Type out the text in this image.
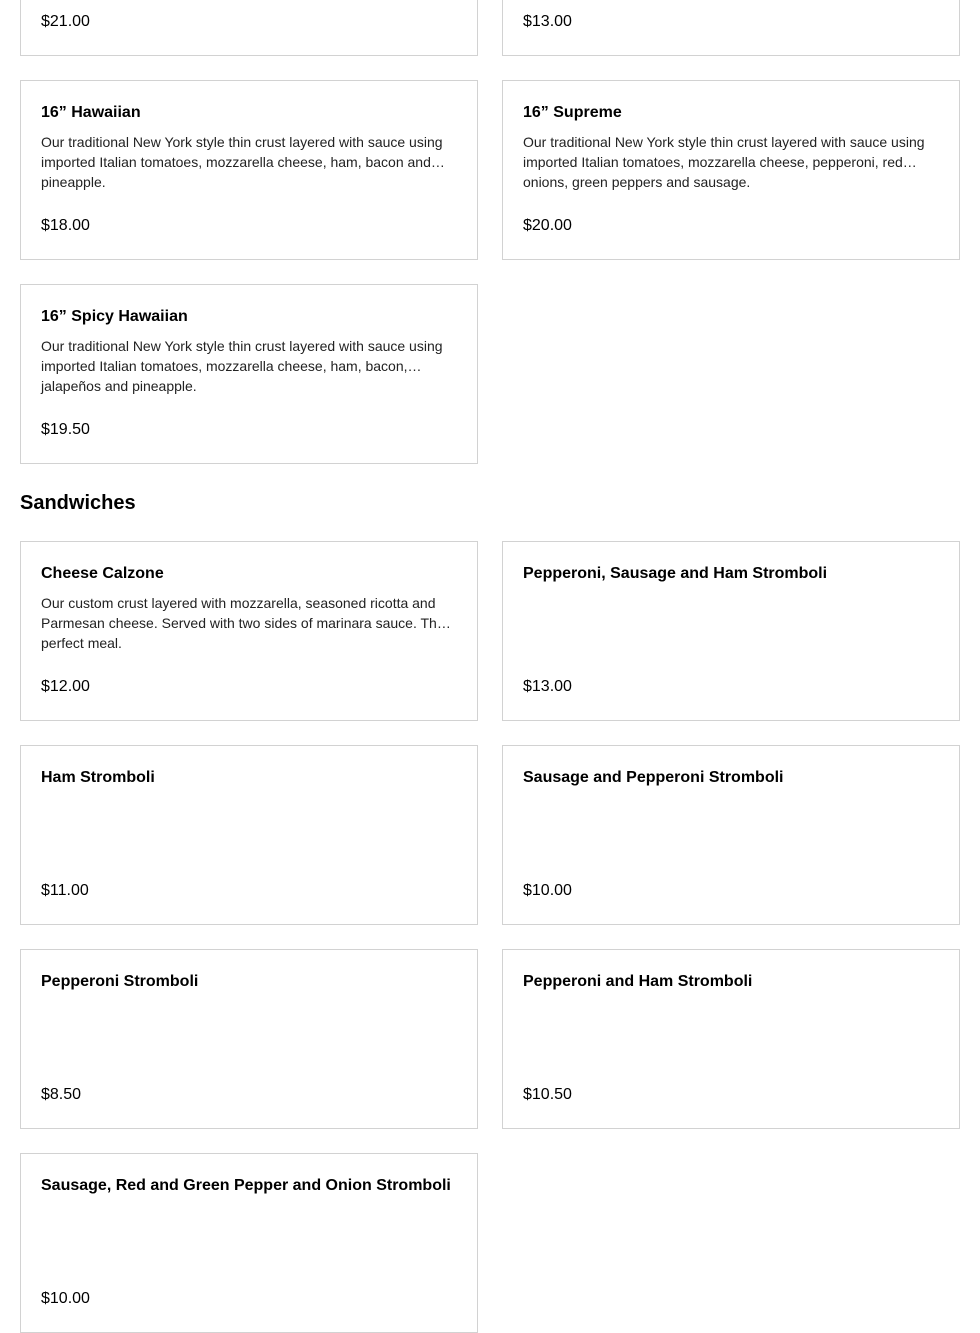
$21.00	$13.00
16” Hawaiian
Our traditional New York style thin crust layered with sauce using imported Italian tomatoes, mozzarella cheese, ham, bacon and pineapple.
$18.00
16” Supreme
Our traditional New York style thin crust layered with sauce using imported Italian tomatoes, mozzarella cheese, pepperoni, red onions, green peppers and sausage.
$20.00
16” Spicy Hawaiian
Our traditional New York style thin crust layered with sauce using imported Italian tomatoes, mozzarella cheese, ham, bacon, jalapeños and pineapple.
$19.50
Sandwiches
Cheese Calzone
Our custom crust layered with mozzarella, seasoned ricotta and Parmesan cheese. Served with two sides of marinara sauce. The perfect meal.
$12.00
Pepperoni, Sausage and Ham Stromboli
$13.00
Ham Stromboli
$11.00
Sausage and Pepperoni Stromboli
$10.00
Pepperoni Stromboli
$8.50
Pepperoni and Ham Stromboli
$10.50
Sausage, Red and Green Pepper and Onion Stromboli
$10.00
